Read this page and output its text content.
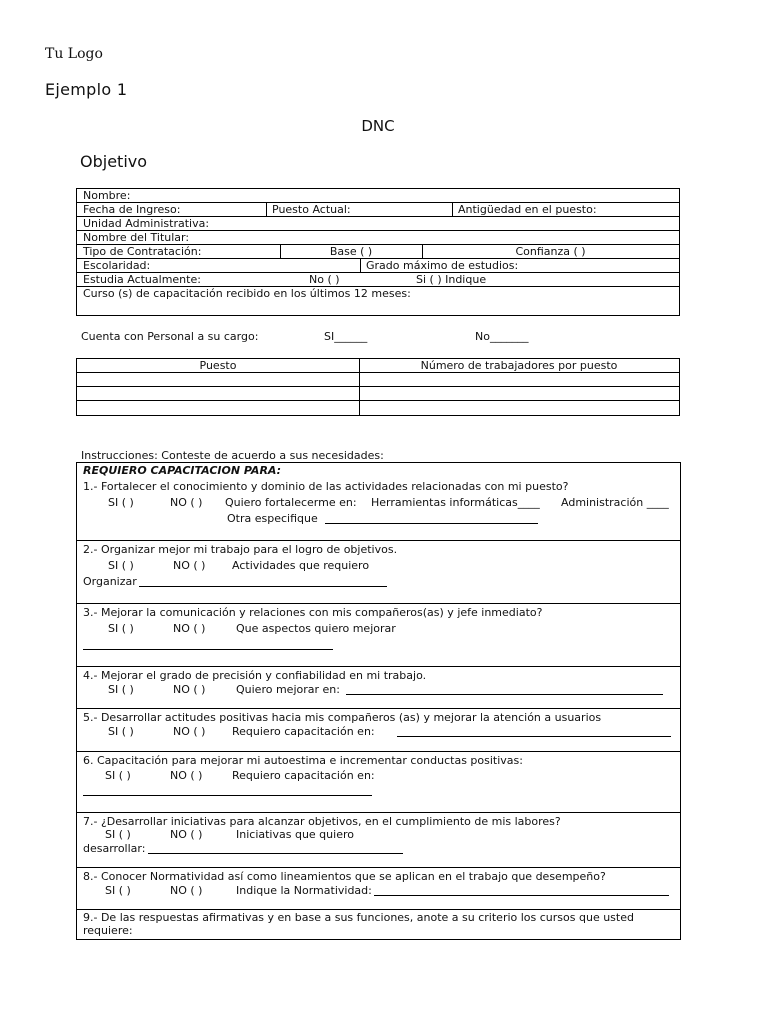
Tu Logo
Ejemplo 1
DNC
Objetivo
Nombre:
Fecha de Ingreso:	Puesto Actual:	Antigüedad en el puesto:
Unidad Administrativa:
Nombre del Titular:
Tipo de Contratación:	Base ( )	Confianza ( )
Escolaridad:	Grado máximo de estudios:
Estudia Actualmente:	No ( )	Si ( ) Indique
Curso (s) de capacitación recibido en los últimos 12 meses:
Cuenta con Personal a su cargo:	SI______	No_______
Puesto	Número de trabajadores por puesto
Instrucciones: Conteste de acuerdo a sus necesidades:
REQUIERO CAPACITACION PARA:
1.- Fortalecer el conocimiento y dominio de las actividades relacionadas con mi puesto?
SI ( )	NO ( ) Quiero fortalecerme en: Herramientas informáticas____ Administración ____
Otra especifique
2.- Organizar mejor mi trabajo para el logro de objetivos.
SI ( )	NO ( ) Actividades que requiero
Organizar
3.- Mejorar la comunicación y relaciones con mis compañeros(as) y jefe inmediato?
SI ( )	NO ( )	Que aspectos quiero mejorar
4.- Mejorar el grado de precisión y confiabilidad en mi trabajo.
SI ( )	NO ( )	Quiero mejorar en:
5.- Desarrollar actitudes positivas hacia mis compañeros (as) y mejorar la atención a usuarios
SI ( )	NO ( ) Requiero capacitación en:
6. Capacitación para mejorar mi autoestima e incrementar conductas positivas:
SI ( )	NO ( )	Requiero capacitación en:
7.- ¿Desarrollar iniciativas para alcanzar objetivos, en el cumplimiento de mis labores?
SI ( )	NO ( )	Iniciativas que quiero
desarrollar:
8.- Conocer Normatividad así como lineamientos que se aplican en el trabajo que desempeño?
SI ( )	NO ( )	Indique la Normatividad:
9.- De las respuestas afirmativas y en base a sus funciones, anote a su criterio los cursos que usted
requiere:
